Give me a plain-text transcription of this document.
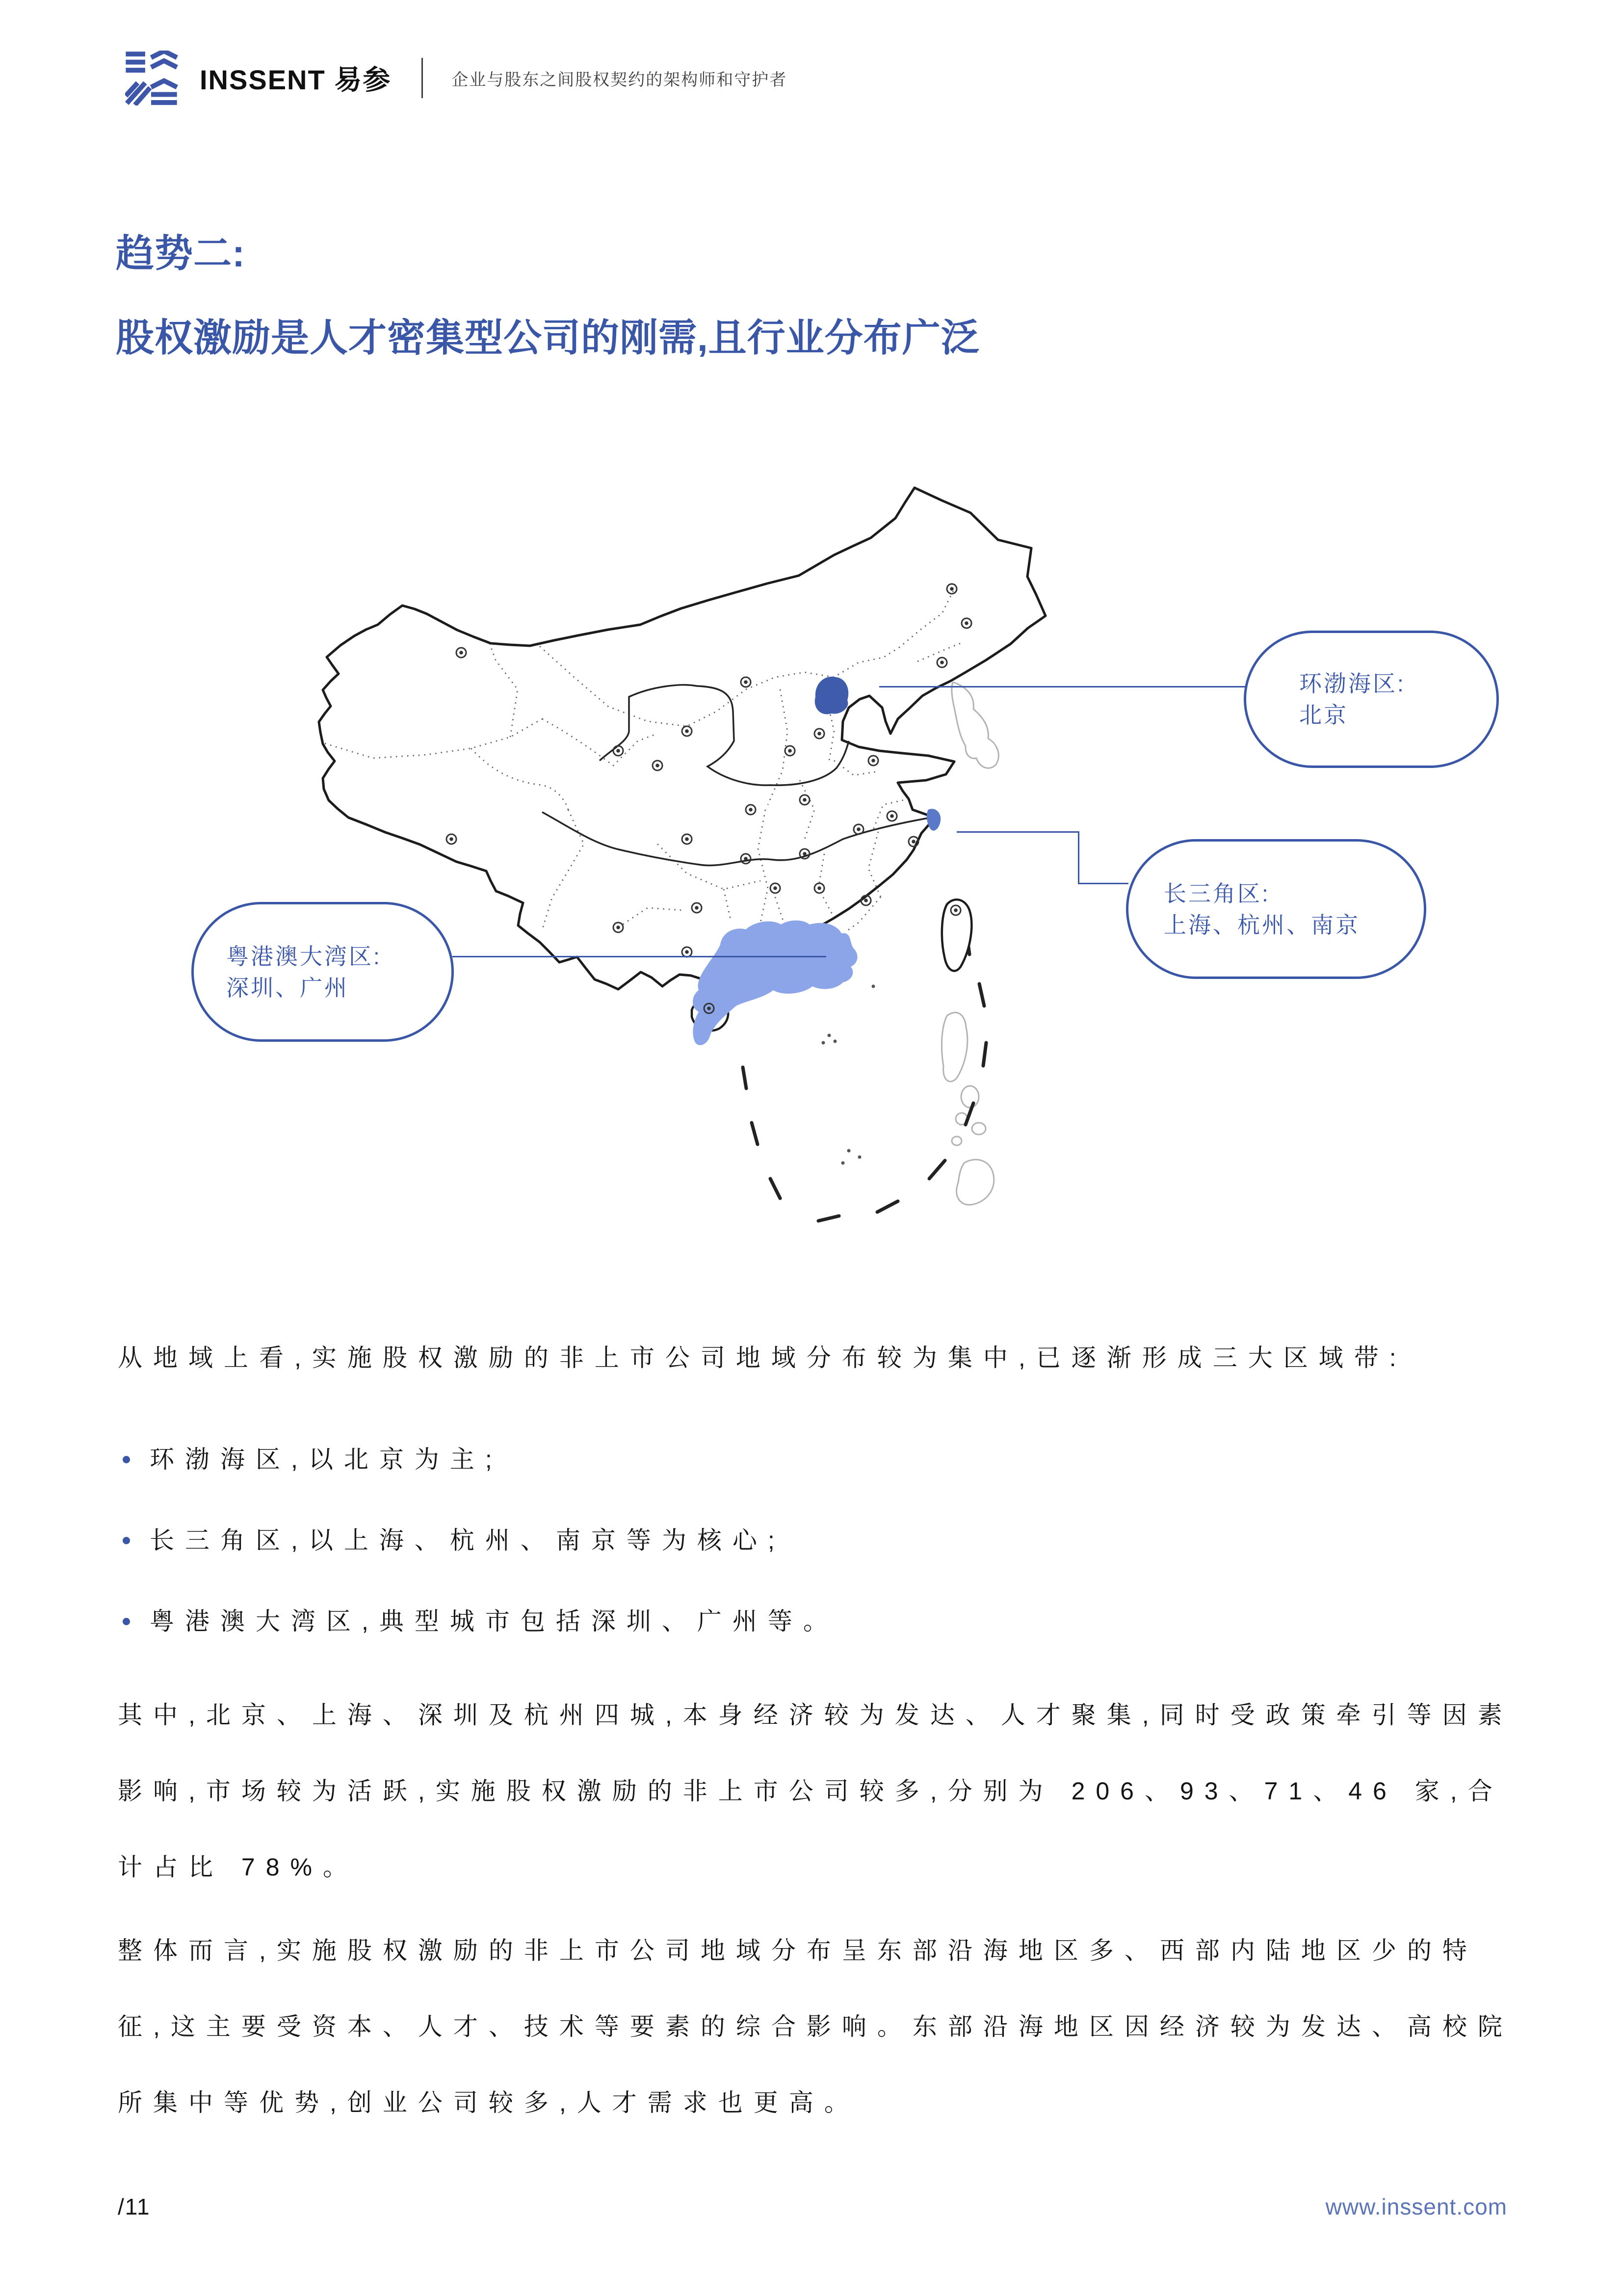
INSSENT 易参	企业与股东之间股权契约的架构师和守护者
趋势二:
股权激励是人才密集型公司的刚需,且行业分布广泛
环渤海区:
北京
长三角区:
上海、杭州、南京
粤港澳大湾区:
深圳、广州

从地域上看,实施股权激励的非上市公司地域分布较为集中,已逐渐形成三大区域带:

环渤海区,以北京为主;
长三角区,以上海、杭州、南京等为核心;
粤港澳大湾区,典型城市包括深圳、广州等。

其中,北京、上海、深圳及杭州四城,本身经济较为发达、人才聚集,同时受政策牵引等因素影响,市场较为活跃,实施股权激励的非上市公司较多,分别为 206、93、71、46 家,合计占比 78%。

整体而言,实施股权激励的非上市公司地域分布呈东部沿海地区多、西部内陆地区少的特征,这主要受资本、人才、技术等要素的综合影响。东部沿海地区因经济较为发达、高校院所集中等优势,创业公司较多,人才需求也更高。

/11	www.inssent.com
